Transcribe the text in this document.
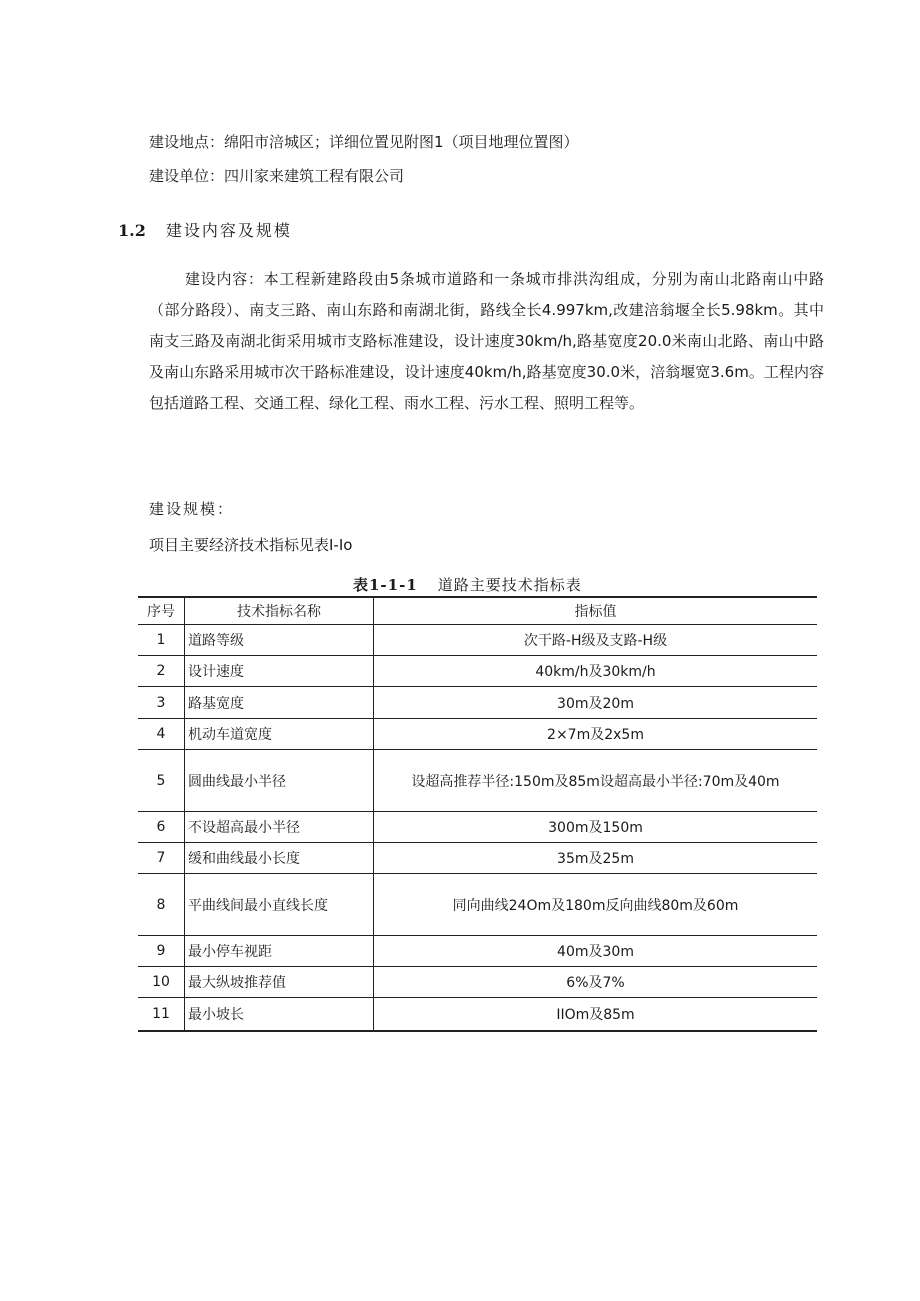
建设地点：绵阳市涪城区；详细位置见附图1（项目地理位置图）
建设单位：四川家来建筑工程有限公司
1.2 建设内容及规模
建设内容：本工程新建路段由5条城市道路和一条城市排洪沟组成，分别为南山北路南山中路（部分路段）、南支三路、南山东路和南湖北街，路线全长4.997km,改建涪翁堰全长5.98km。其中南支三路及南湖北街采用城市支路标准建设，设计速度30km∕h,路基宽度20.0米南山北路、南山中路及南山东路采用城市次干路标准建设，设计速度40km∕h,路基宽度30.0米，涪翁堰宽3.6m。工程内容包括道路工程、交通工程、绿化工程、雨水工程、污水工程、照明工程等。
建设规模：
项目主要经济技术指标见表I-Io
表1-1-1 道路主要技术指标表
序号	技术指标名称	指标值
1	道路等级	次干路-H级及支路-H级
2	设计速度	40km∕h及30km∕h
3	路基宽度	30m及20m
4	机动车道宽度	2×7m及2x5m
5	圆曲线最小半径	设超高推荐半径:150m及85m设超高最小半径:70m及40m
6	不设超高最小半径	300m及150m
7	缓和曲线最小长度	35m及25m
8	平曲线间最小直线长度	同向曲线24Om及180m反向曲线80m及60m
9	最小停车视距	40m及30m
10	最大纵坡推荐值	6%及7%
11	最小坡长	IIOm及85m
